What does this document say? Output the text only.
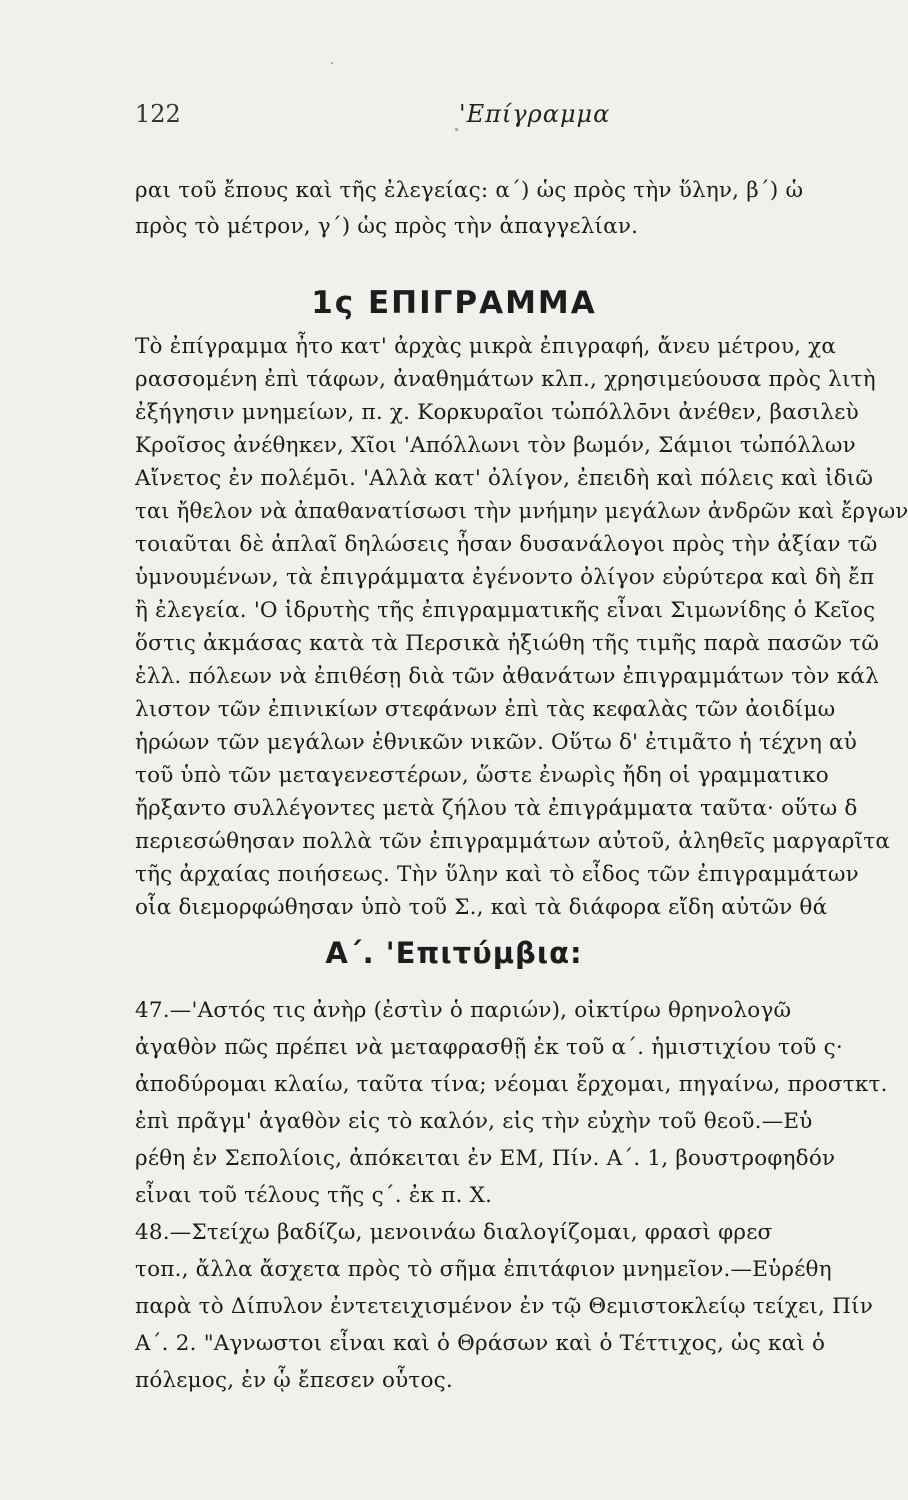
122	'Επίγραμμα
ραι τοῦ ἔπους καὶ τῆς ἐλεγείας: α΄) ὡς πρὸς τὴν ὕλην, β΄) ὡ
πρὸς τὸ μέτρον, γ΄) ὡς πρὸς τὴν ἀπαγγελίαν.
1ς ΕΠΙΓΡΑΜΜΑ
Τὸ ἐπίγραμμα ἦτο κατ' ἀρχὰς μικρὰ ἐπιγραφή, ἄνευ μέτρου, χα
ρασσομένη ἐπὶ τάφων, ἀναθημάτων κλπ., χρησιμεύουσα πρὸς λιτὴ
ἐξήγησιν μνημείων, π. χ. Κορκυραῖοι τὠπόλλōνι ἀνέθεν, βασιλεὺ
Κροῖσος ἀνέθηκεν, Χῖοι 'Απόλλωνι τὸν βωμόν, Σάμιοι τὠπόλλων
Αἴνετος ἐν πολέμōι. 'Αλλὰ κατ' ὀλίγον, ἐπειδὴ καὶ πόλεις καὶ ἰδιῶ
ται ἤθελον νὰ ἀπαθανατίσωσι τὴν μνήμην μεγάλων ἀνδρῶν καὶ ἔργων
τοιαῦται δὲ ἁπλαῖ δηλώσεις ἦσαν δυσανάλογοι πρὸς τὴν ἀξίαν τῶ
ὑμνουμένων, τὰ ἐπιγράμματα ἐγένοντο ὀλίγον εὐρύτερα καὶ δὴ ἔπ
ἢ ἐλεγεία. 'Ο ἱδρυτὴς τῆς ἐπιγραμματικῆς εἶναι Σιμωνίδης ὁ Κεῖος
ὅστις ἀκμάσας κατὰ τὰ Περσικὰ ἠξιώθη τῆς τιμῆς παρὰ πασῶν τῶ
ἑλλ. πόλεων νὰ ἐπιθέσῃ διὰ τῶν ἀθανάτων ἐπιγραμμάτων τὸν κάλ
λιστον τῶν ἐπινικίων στεφάνων ἐπὶ τὰς κεφαλὰς τῶν ἀοιδίμω
ἡρώων τῶν μεγάλων ἐθνικῶν νικῶν. Οὕτω δ' ἐτιμᾶτο ἡ τέχνη αὐ
τοῦ ὑπὸ τῶν μεταγενεστέρων, ὥστε ἐνωρὶς ἤδη οἱ γραμματικο
ἤρξαντο συλλέγοντες μετὰ ζήλου τὰ ἐπιγράμματα ταῦτα· οὕτω δ
περιεσώθησαν πολλὰ τῶν ἐπιγραμμάτων αὐτοῦ, ἀληθεῖς μαργαρῖτα
τῆς ἀρχαίας ποιήσεως. Τὴν ὕλην καὶ τὸ εἶδος τῶν ἐπιγραμμάτων
οἷα διεμορφώθησαν ὑπὸ τοῦ Σ., καὶ τὰ διάφορα εἴδη αὐτῶν θά
Α΄. 'Επιτύμβια:
47.—'Αστός τις ἀνὴρ (ἐστὶν ὁ παριών), οἰκτίρω θρηνολογῶ
ἀγαθὸν πῶς πρέπει νὰ μεταφρασθῇ ἐκ τοῦ α΄. ἡμιστιχίου τοῦ ς·
ἀποδύρομαι κλαίω, ταῦτα τίνα; νέομαι ἔρχομαι, πηγαίνω, προστκτ.
ἐπὶ πρᾶγμ' ἀγαθὸν εἰς τὸ καλόν, εἰς τὴν εὐχὴν τοῦ θεοῦ.—Εὑ
ρέθη ἐν Σεπολίοις, ἀπόκειται ἐν ΕΜ, Πίν. Α΄. 1, βουστροφηδόν
εἶναι τοῦ τέλους τῆς ς΄. ἐκ π. Χ.
48.—Στείχω βαδίζω, μενοινάω διαλογίζομαι, φρασὶ φρεσ
τοπ., ἄλλα ἄσχετα πρὸς τὸ σῆμα ἐπιτάφιον μνημεῖον.—Εὑρέθη
παρὰ τὸ Δίπυλον ἐντετειχισμένον ἐν τῷ Θεμιστοκλείῳ τείχει, Πίν
Α΄. 2. "Αγνωστοι εἶναι καὶ ὁ Θράσων καὶ ὁ Τέττιχος, ὡς καὶ ὁ
πόλεμος, ἐν ᾧ ἔπεσεν οὗτος.
